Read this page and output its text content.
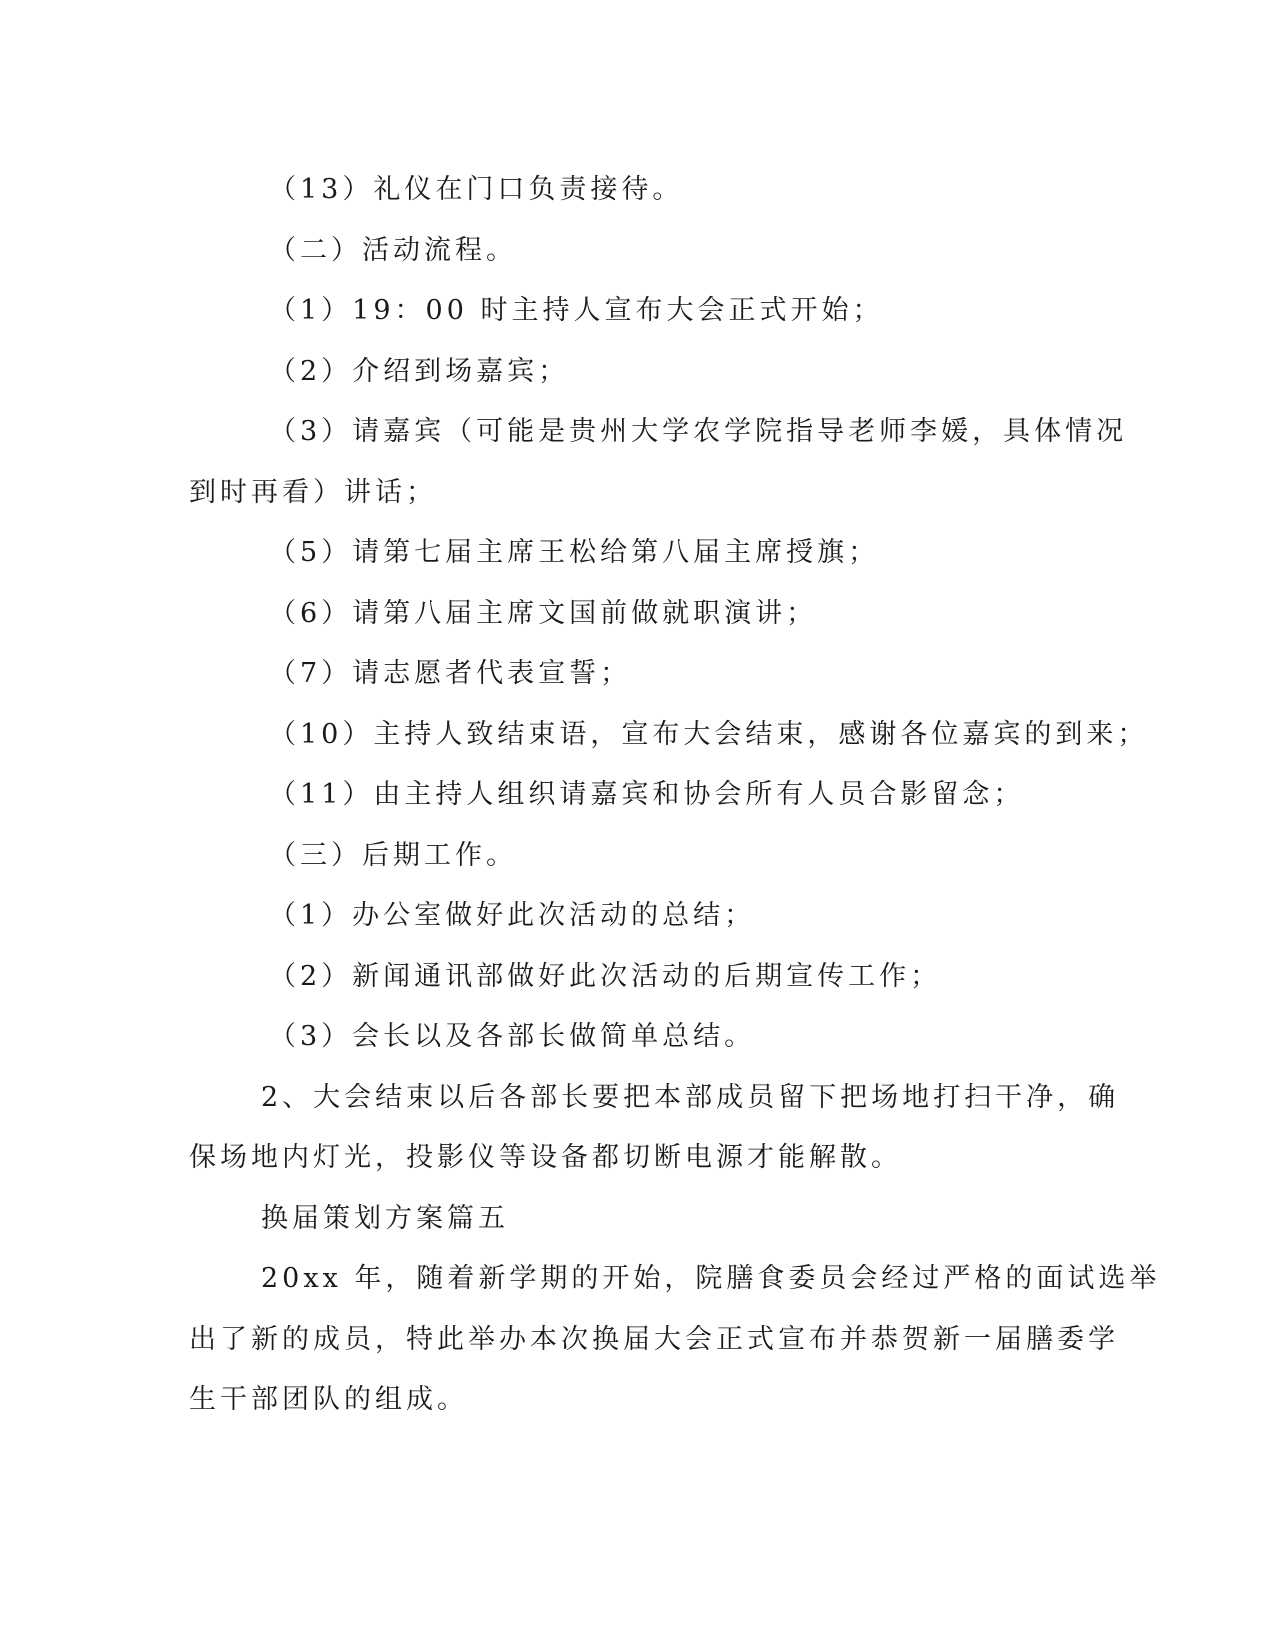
（13）礼仪在门口负责接待。

（二）活动流程。

（1）19：00 时主持人宣布大会正式开始；

（2）介绍到场嘉宾；

（3）请嘉宾（可能是贵州大学农学院指导老师李媛，具体情况

到时再看）讲话；

（5）请第七届主席王松给第八届主席授旗；

（6）请第八届主席文国前做就职演讲；

（7）请志愿者代表宣誓；

（10）主持人致结束语，宣布大会结束，感谢各位嘉宾的到来；

（11）由主持人组织请嘉宾和协会所有人员合影留念；

（三）后期工作。

（1）办公室做好此次活动的总结；

（2）新闻通讯部做好此次活动的后期宣传工作；

（3）会长以及各部长做简单总结。

2、大会结束以后各部长要把本部成员留下把场地打扫干净，确

保场地内灯光，投影仪等设备都切断电源才能解散。

换届策划方案篇五

20xx 年，随着新学期的开始，院膳食委员会经过严格的面试选举

出了新的成员，特此举办本次换届大会正式宣布并恭贺新一届膳委学

生干部团队的组成。
